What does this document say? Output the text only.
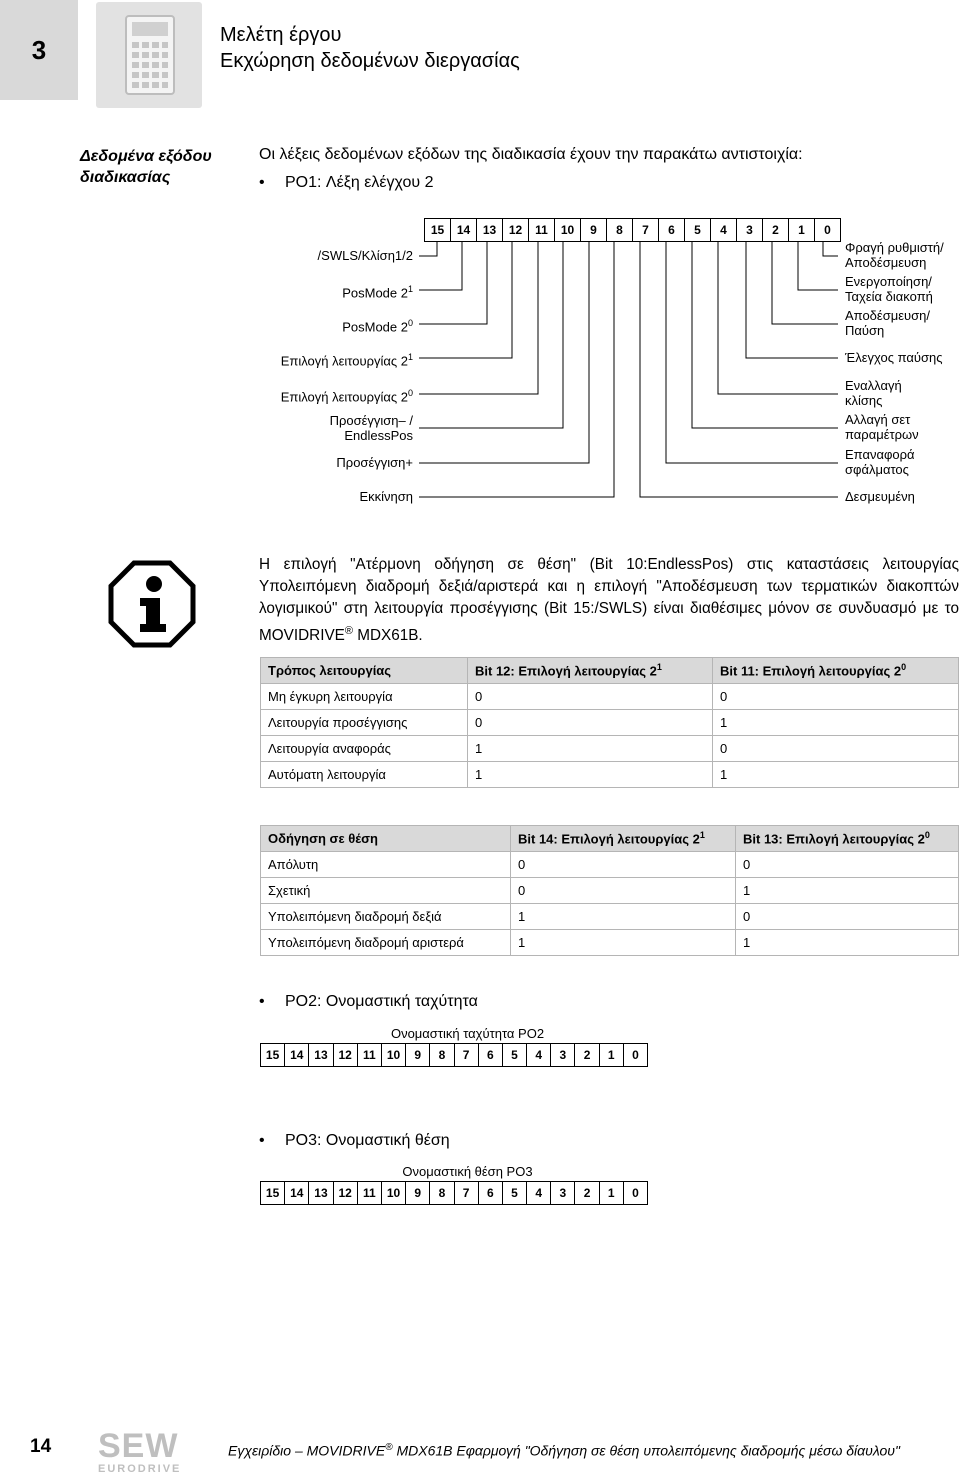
3	Μελέτη έργου
Εκχώρηση δεδομένων διεργασίας
Δεδομένα εξόδου διαδικασίας
Οι λέξεις δεδομένων εξόδων της διαδικασία έχουν την παρακάτω αντιστοιχία:
• PO1: Λέξη ελέγχου 2
15	14	13	12	11	10	9	8	7	6	5	4	3	2	1	0
/SWLS/Κλίση1/2
PosMode $2^1$
PosMode $2^0$
Επιλογή λειτουργίας $2^1$
Επιλογή λειτουργίας $2^0$
Προσέγγιση– /
EndlessPos
Προσέγγιση+
Εκκίνηση
Φραγή ρυθμιστή/
Αποδέσμευση
Ενεργοποίηση/
Ταχεία διακοπή
Αποδέσμευση/
Παύση
Έλεγχος παύσης
Εναλλαγή
κλίσης
Αλλαγή σετ
παραμέτρων
Επαναφορά
σφάλματος
Δεσμευμένη
Η επιλογή "Ατέρμονη οδήγηση σε θέση" (Bit 10:EndlessPos) στις καταστάσεις λειτουργίας Υπολειπόμενη διαδρομή δεξιά/αριστερά και η επιλογή "Αποδέσμευση των τερματικών διακοπτών λογισμικού" στη λειτουργία προσέγγισης (Bit 15:/SWLS) είναι διαθέσιμες μόνον σε συνδυασμό με το MOVIDRIVE® MDX61B.
Τρόπος λειτουργίας	Bit 12: Επιλογή λειτουργίας $2^1$	Bit 11: Επιλογή λειτουργίας $2^0$
Μη έγκυρη λειτουργία	0	0
Λειτουργία προσέγγισης	0	1
Λειτουργία αναφοράς	1	0
Αυτόματη λειτουργία	1	1
Οδήγηση σε θέση	Bit 14: Επιλογή λειτουργίας $2^1$	Bit 13: Επιλογή λειτουργίας $2^0$
Απόλυτη	0	0
Σχετική	0	1
Υπολειπόμενη διαδρομή δεξιά	1	0
Υπολειπόμενη διαδρομή αριστερά	1	1
• PO2: Ονομαστική ταχύτητα
Ονομαστική ταχύτητα PO2
15	14	13	12	11	10	9	8	7	6	5	4	3	2	1	0
• PO3: Ονομαστική θέση
Ονομαστική θέση PO3
15	14	13	12	11	10	9	8	7	6	5	4	3	2	1	0
14 SEW
EURODRIVE
Εγχειρίδιο – MOVIDRIVE® MDX61B Εφαρμογή "Οδήγηση σε θέση υπολειπόμενης διαδρομής μέσω δίαυλου"
